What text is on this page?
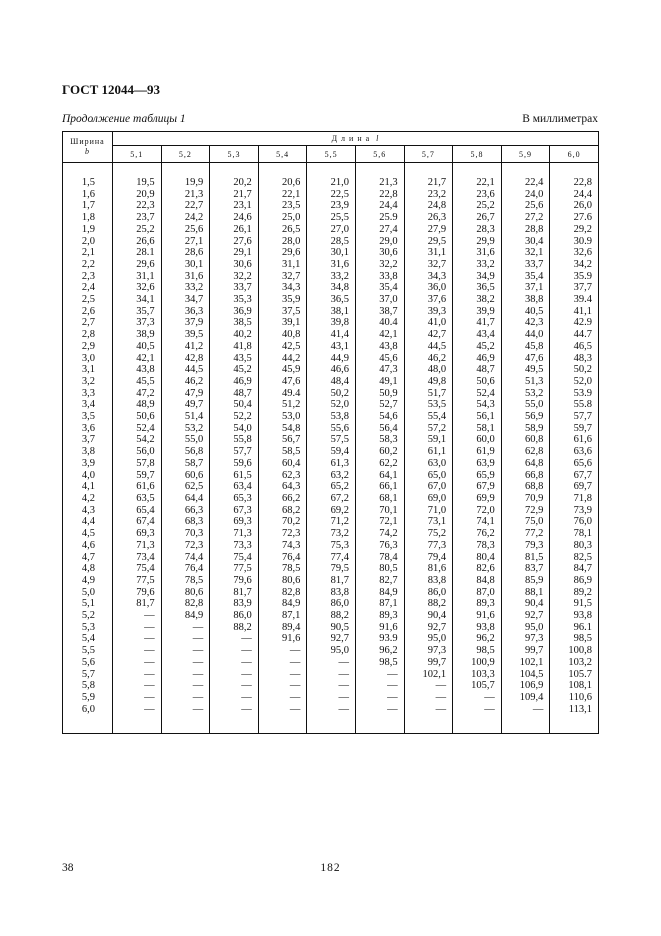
ГОСТ 12044—93
Продолжение таблицы 1	В миллиметрах
Ширина
b	Длина l									
	5,1	5,2	5,3	5,4	5,5	5,6	5,7	5,8	5,9	6,0

1,5	19,5	19,9	20,2	20,6	21,0	21,3	21,7	22,1	22,4	22,8
1,6	20,9	21,3	21,7	22,1	22,5	22,8	23,2	23,6	24,0	24,4
1,7	22,3	22,7	23,1	23,5	23,9	24,4	24,8	25,2	25,6	26,0
1,8	23,7	24,2	24,6	25,0	25,5	25.9	26,3	26,7	27,2	27.6
1,9	25,2	25,6	26,1	26,5	27,0	27,4	27,9	28,3	28,8	29,2
2,0	26,6	27,1	27,6	28,0	28,5	29,0	29,5	29,9	30,4	30.9
2,1	28.1	28,6	29,1	29,6	30,1	30,6	31,1	31,6	32,1	32,6
2,2	29,6	30,1	30,6	31,1	31,6	32,2	32,7	33,2	33,7	34,2
2,3	31,1	31,6	32,2	32,7	33,2	33,8	34,3	34,9	35,4	35.9
2,4	32,6	33,2	33,7	34,3	34,8	35,4	36,0	36,5	37,1	37,7
2,5	34,1	34,7	35,3	35,9	36,5	37,0	37,6	38,2	38,8	39.4
2,6	35,7	36,3	36,9	37,5	38,1	38,7	39,3	39,9	40,5	41,1
2,7	37,3	37,9	38,5	39,1	39,8	40.4	41,0	41,7	42,3	42.9
2,8	38,9	39,5	40,2	40,8	41,4	42,1	42,7	43,4	44,0	44.7
2,9	40,5	41,2	41,8	42,5	43,1	43,8	44,5	45,2	45,8	46,5
3,0	42,1	42,8	43,5	44,2	44,9	45,6	46,2	46,9	47,6	48,3
3,1	43,8	44,5	45,2	45,9	46,6	47,3	48,0	48,7	49,5	50,2
3,2	45,5	46,2	46,9	47,6	48,4	49,1	49,8	50,6	51,3	52,0
3,3	47,2	47,9	48,7	49.4	50,2	50,9	51,7	52,4	53,2	53.9
3,4	48,9	49,7	50,4	51,2	52,0	52,7	53,5	54,3	55,0	55.8
3,5	50,6	51,4	52,2	53,0	53,8	54,6	55,4	56,1	56,9	57,7
3,6	52,4	53,2	54,0	54,8	55,6	56,4	57,2	58,1	58,9	59,7
3,7	54,2	55,0	55,8	56,7	57,5	58,3	59,1	60,0	60,8	61,6
3,8	56,0	56,8	57,7	58,5	59,4	60,2	61,1	61,9	62,8	63,6
3,9	57,8	58,7	59,6	60,4	61,3	62,2	63,0	63,9	64,8	65,6
4,0	59,7	60,6	61,5	62,3	63,2	64,1	65,0	65,9	66,8	67,7
4,1	61,6	62,5	63,4	64,3	65,2	66,1	67,0	67,9	68,8	69,7
4,2	63,5	64,4	65,3	66,2	67,2	68,1	69,0	69,9	70,9	71,8
4,3	65,4	66,3	67,3	68,2	69,2	70,1	71,0	72,0	72,9	73,9
4,4	67,4	68,3	69,3	70,2	71,2	72,1	73,1	74,1	75,0	76,0
4,5	69,3	70,3	71,3	72,3	73,2	74,2	75,2	76,2	77,2	78,1
4,6	71,3	72,3	73,3	74,3	75,3	76,3	77,3	78,3	79,3	80,3
4,7	73,4	74,4	75,4	76,4	77,4	78,4	79,4	80,4	81,5	82,5
4,8	75,4	76,4	77,5	78,5	79,5	80,5	81,6	82,6	83,7	84,7
4,9	77,5	78,5	79,6	80,6	81,7	82,7	83,8	84,8	85,9	86,9
5,0	79,6	80,6	81,7	82,8	83,8	84,9	86,0	87,0	88,1	89,2
5,1	81,7	82,8	83,9	84,9	86,0	87,1	88,2	89,3	90,4	91,5
5,2	—	84,9	86,0	87,1	88,2	89,3	90,4	91,6	92,7	93,8
5,3	—	—	88,2	89,4	90,5	91,6	92,7	93,8	95,0	96.1
5,4	—	—	—	91,6	92,7	93.9	95,0	96,2	97,3	98,5
5,5	—	—	—	—	95,0	96,2	97,3	98,5	99,7	100,8
5,6	—	—	—	—	—	98,5	99,7	100,9	102,1	103,2
5,7	—	—	—	—	—	—	102,1	103,3	104,5	105.7
5,8	—	—	—	—	—	—	—	105,7	106,9	108,1
5,9	—	—	—	—	—	—	—	—	109,4	110,6
6,0	—	—	—	—	—	—	—	—	—	113,1

38	182
